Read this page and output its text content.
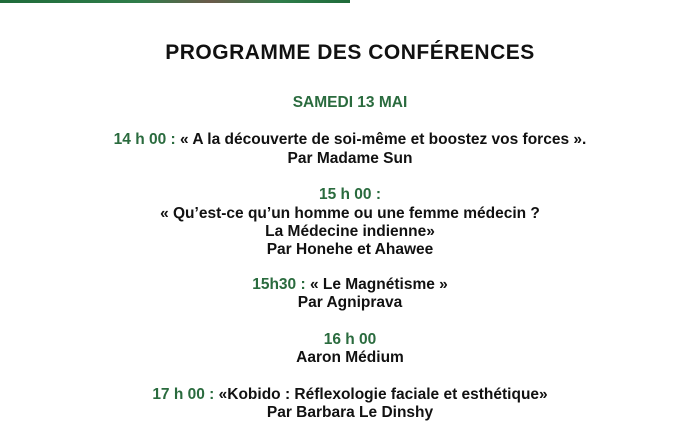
PROGRAMME DES CONFÉRENCES
SAMEDI 13 MAI
14 h 00 : « A la découverte de soi-même et boostez vos forces ».
Par Madame Sun
15 h 00 :
« Qu’est-ce qu’un homme ou une femme médecin ?
La Médecine indienne»
Par Honehe et Ahawee
15h30 : « Le Magnétisme »
Par Agniprava
16 h 00
Aaron Médium
17 h 00 : «Kobido : Réflexologie faciale et esthétique»
Par Barbara Le Dinshy
